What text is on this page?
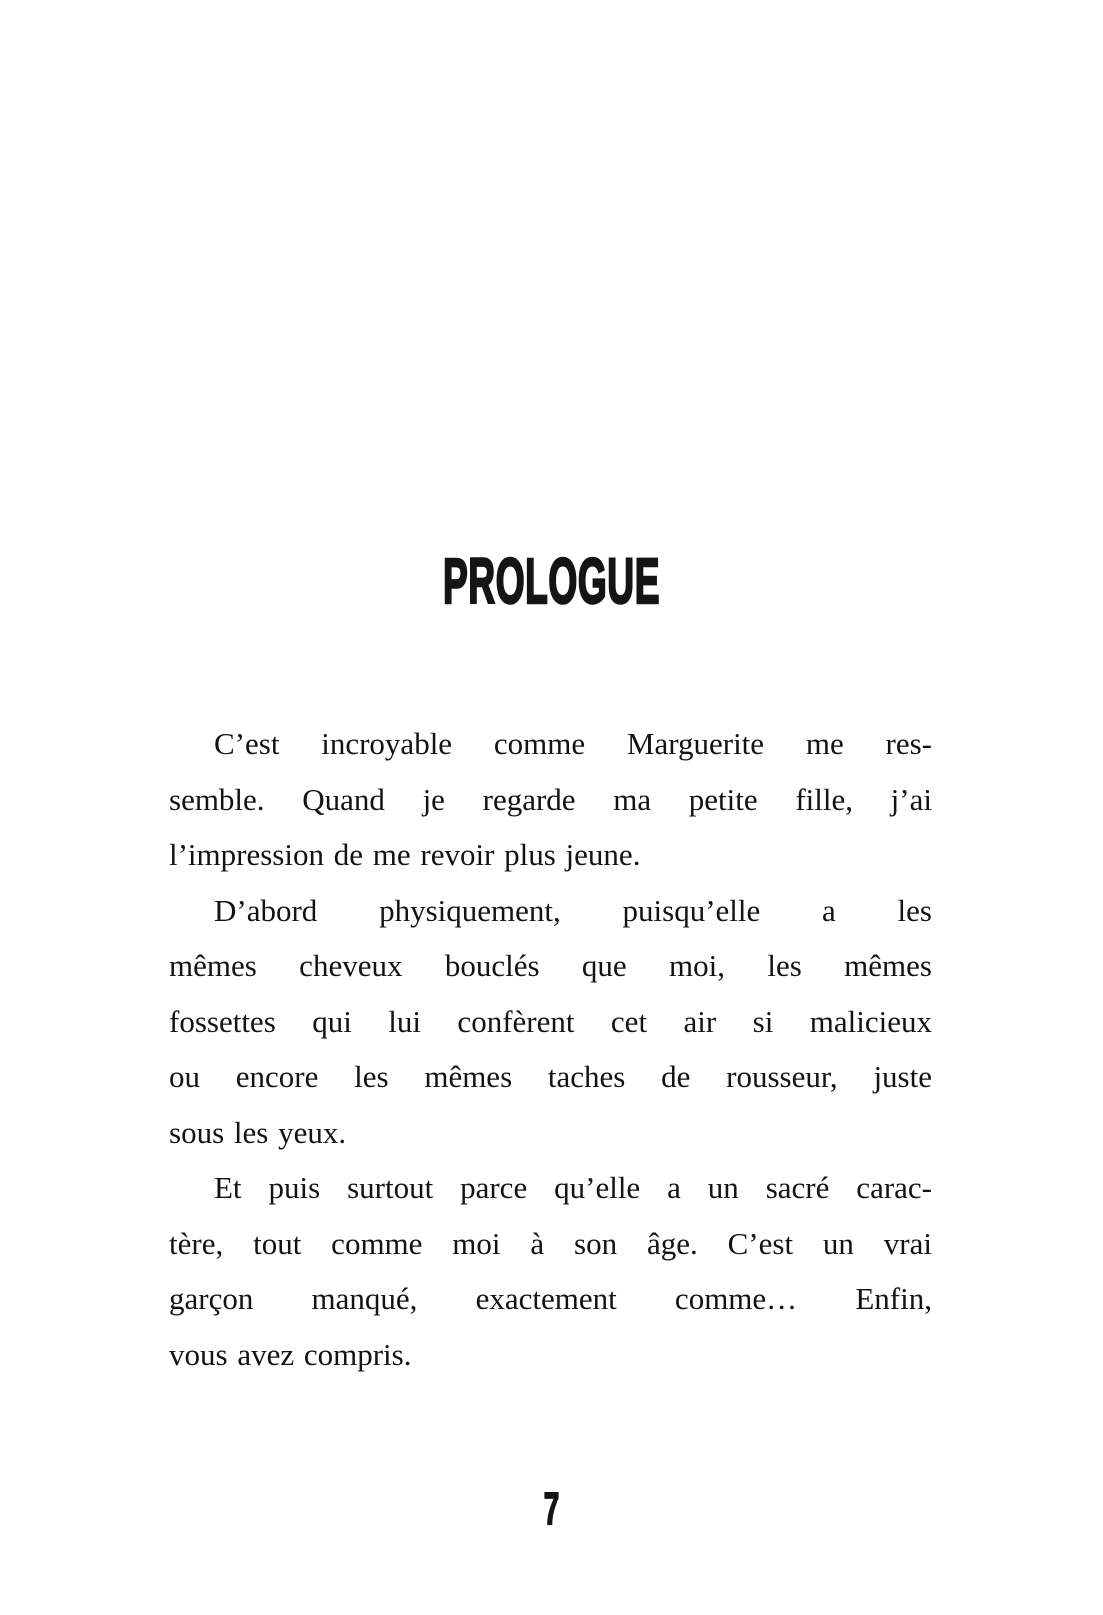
PROLOGUE
C’est incroyable comme Marguerite me res-
semble. Quand je regarde ma petite fille, j’ai
l’impression de me revoir plus jeune.
D’abord physiquement, puisqu’elle a les
mêmes cheveux bouclés que moi, les mêmes
fossettes qui lui confèrent cet air si malicieux
ou encore les mêmes taches de rousseur, juste
sous les yeux.
Et puis surtout parce qu’elle a un sacré carac-
tère, tout comme moi à son âge. C’est un vrai
garçon manqué, exactement comme… Enfin,
vous avez compris.
7
